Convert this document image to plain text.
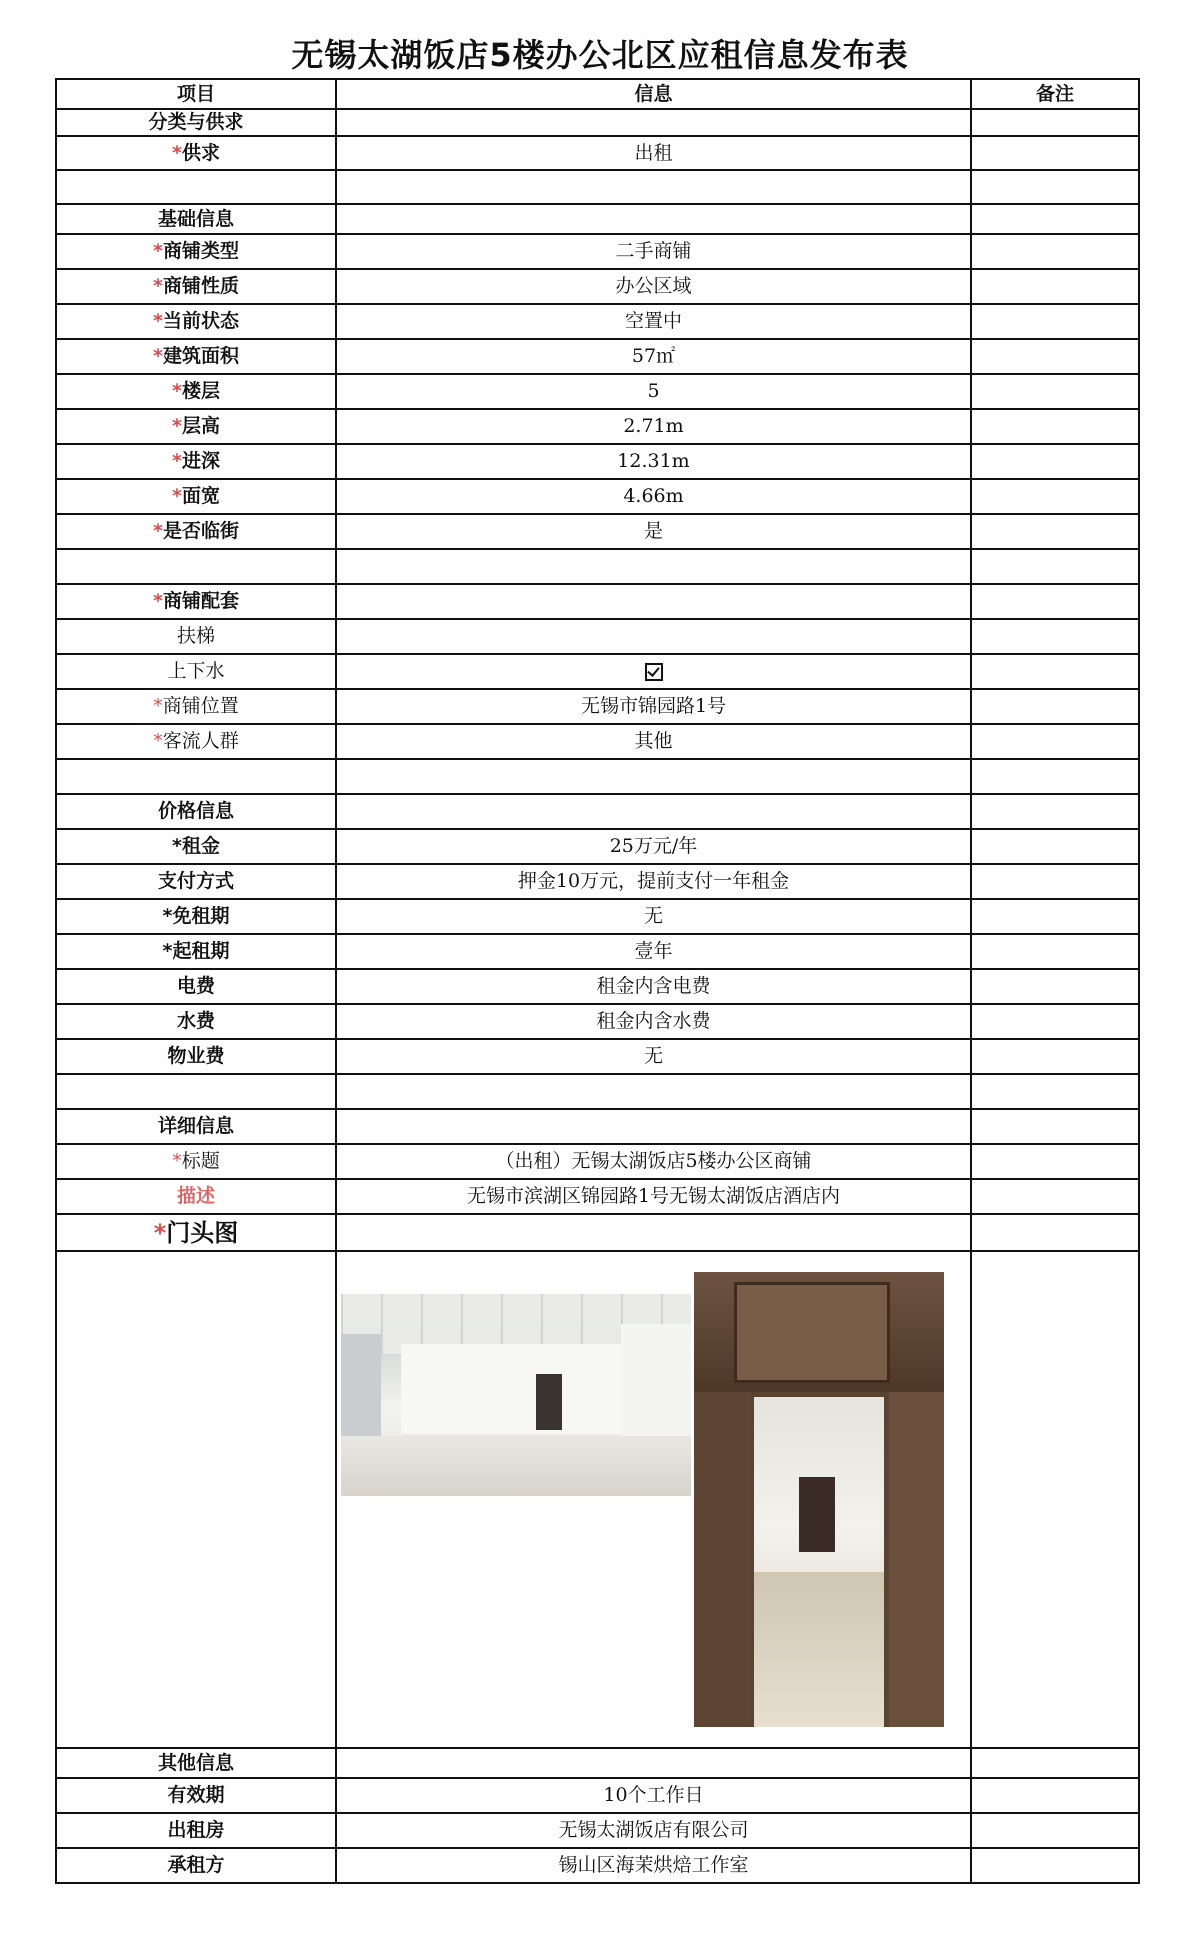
无锡太湖饭店5楼办公北区应租信息发布表
项目	信息	备注
分类与供求		
*供求	出租	

基础信息		
*商铺类型	二手商铺	
*商铺性质	办公区域	
*当前状态	空置中	
*建筑面积	57㎡	
*楼层	5	
*层高	2.71m	
*进深	12.31m	
*面宽	4.66m	
*是否临街	是	

*商铺配套		
扶梯		
上下水		
*商铺位置	无锡市锦园路1号	
*客流人群	其他	

价格信息		
*租金	25万元/年	
支付方式	押金10万元，提前支付一年租金	
*免租期	无	
*起租期	壹年	
电费	租金内含电费	
水费	租金内含水费	
物业费	无	

详细信息		
*标题	（出租）无锡太湖饭店5楼办公区商铺	
描述	无锡市滨湖区锦园路1号无锡太湖饭店酒店内	
*门头图		

其他信息		
有效期	10个工作日	
出租房	无锡太湖饭店有限公司	
承租方	锡山区海茉烘焙工作室	
